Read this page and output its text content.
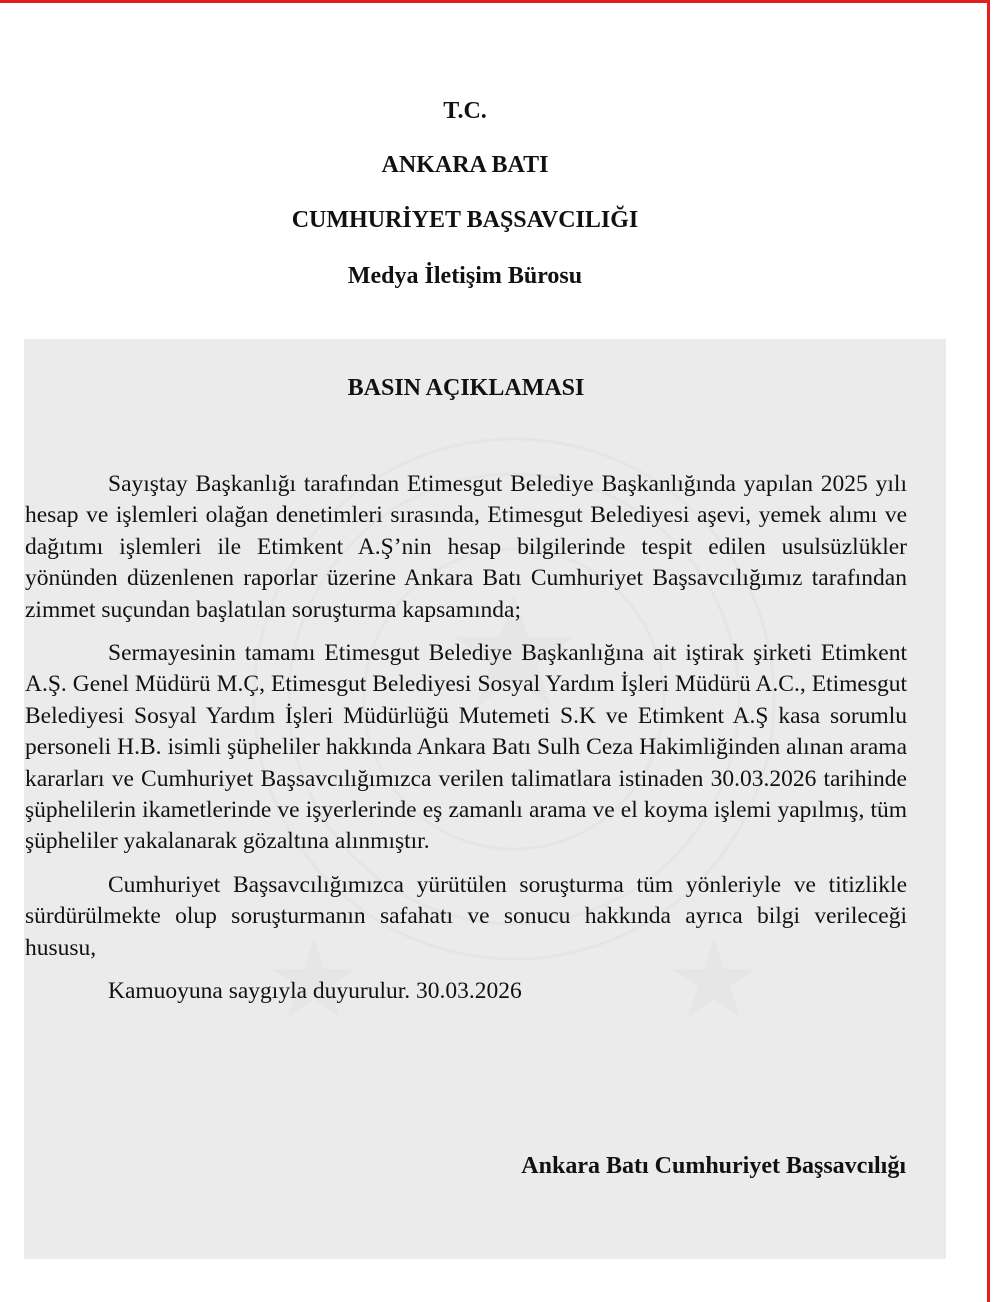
T.C.
ANKARA BATI
CUMHURİYET BAŞSAVCILIĞI
Medya İletişim Bürosu
BASIN AÇIKLAMASI

Sayıştay Başkanlığı tarafından Etimesgut Belediye Başkanlığında yapılan 2025 yılı hesap ve işlemleri olağan denetimleri sırasında, Etimesgut Belediyesi aşevi, yemek alımı ve dağıtımı işlemleri ile Etimkent A.Ş’nin hesap bilgilerinde tespit edilen usulsüzlükler yönünden düzenlenen raporlar üzerine Ankara Batı Cumhuriyet Başsavcılığımız tarafından zimmet suçundan başlatılan soruşturma kapsamında;

Sermayesinin tamamı Etimesgut Belediye Başkanlığına ait iştirak şirketi Etimkent A.Ş. Genel Müdürü M.Ç, Etimesgut Belediyesi Sosyal Yardım İşleri Müdürü A.C., Etimesgut Belediyesi Sosyal Yardım İşleri Müdürlüğü Mutemeti S.K ve Etimkent A.Ş kasa sorumlu personeli H.B. isimli şüpheliler hakkında Ankara Batı Sulh Ceza Hakimliğinden alınan arama kararları ve Cumhuriyet Başsavcılığımızca verilen talimatlara istinaden 30.03.2026 tarihinde şüphelilerin ikametlerinde ve işyerlerinde eş zamanlı arama ve el koyma işlemi yapılmış, tüm şüpheliler yakalanarak gözaltına alınmıştır.

Cumhuriyet Başsavcılığımızca yürütülen soruşturma tüm yönleriyle ve titizlikle sürdürülmekte olup soruşturmanın safahatı ve sonucu hakkında ayrıca bilgi verileceği hususu,

Kamuoyuna saygıyla duyurulur. 30.03.2026

Ankara Batı Cumhuriyet Başsavcılığı
